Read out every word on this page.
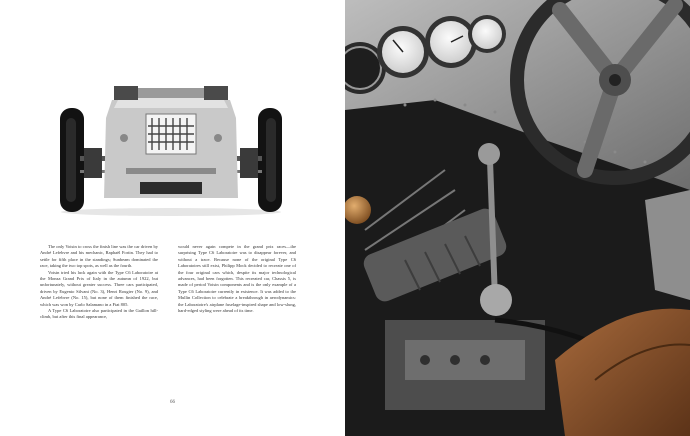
The only Voisin to cross the finish line was the car driven by André Lefebvre and his mechanic, Raphaël Fortin. They had to settle for fifth place in the standings; Sunbeam dominated the race, taking the two top spots, as well as the fourth.

Voisin tried his luck again with the Type C6 Laboratoire at the Monza Grand Prix of Italy in the autumn of 1922, but unfortunately, without greater success. Three cars participated, driven by Eugenio Silvani (No. 3), Henri Rougier (No. 9), and André Lefebvre (No. 15), but none of them finished the race, which was won by Carlo Salamano in a Fiat 805.

A Type C6 Laboratoire also participated in the Gaillon hill-climb, but after this final appearance,

would never again compete in the grand prix races—the surprising Type C6 Laboratoire was to disappear forever, and without a trace. Because none of the original Type C6 Laboratoires still exist, Philipp Mock decided to recreate one of the four original cars which, despite its major technological advances, had been forgotten. This recreated car, Chassis 5, is made of period Voisin components and is the only example of a Type C6 Laboratoire currently in existence. It was added to the Mullin Collection to celebrate a breakthrough in aerodynamics: the Laboratoire's airplane fuselage-inspired shape and low-slung, hard-edged styling were ahead of its time.

66
